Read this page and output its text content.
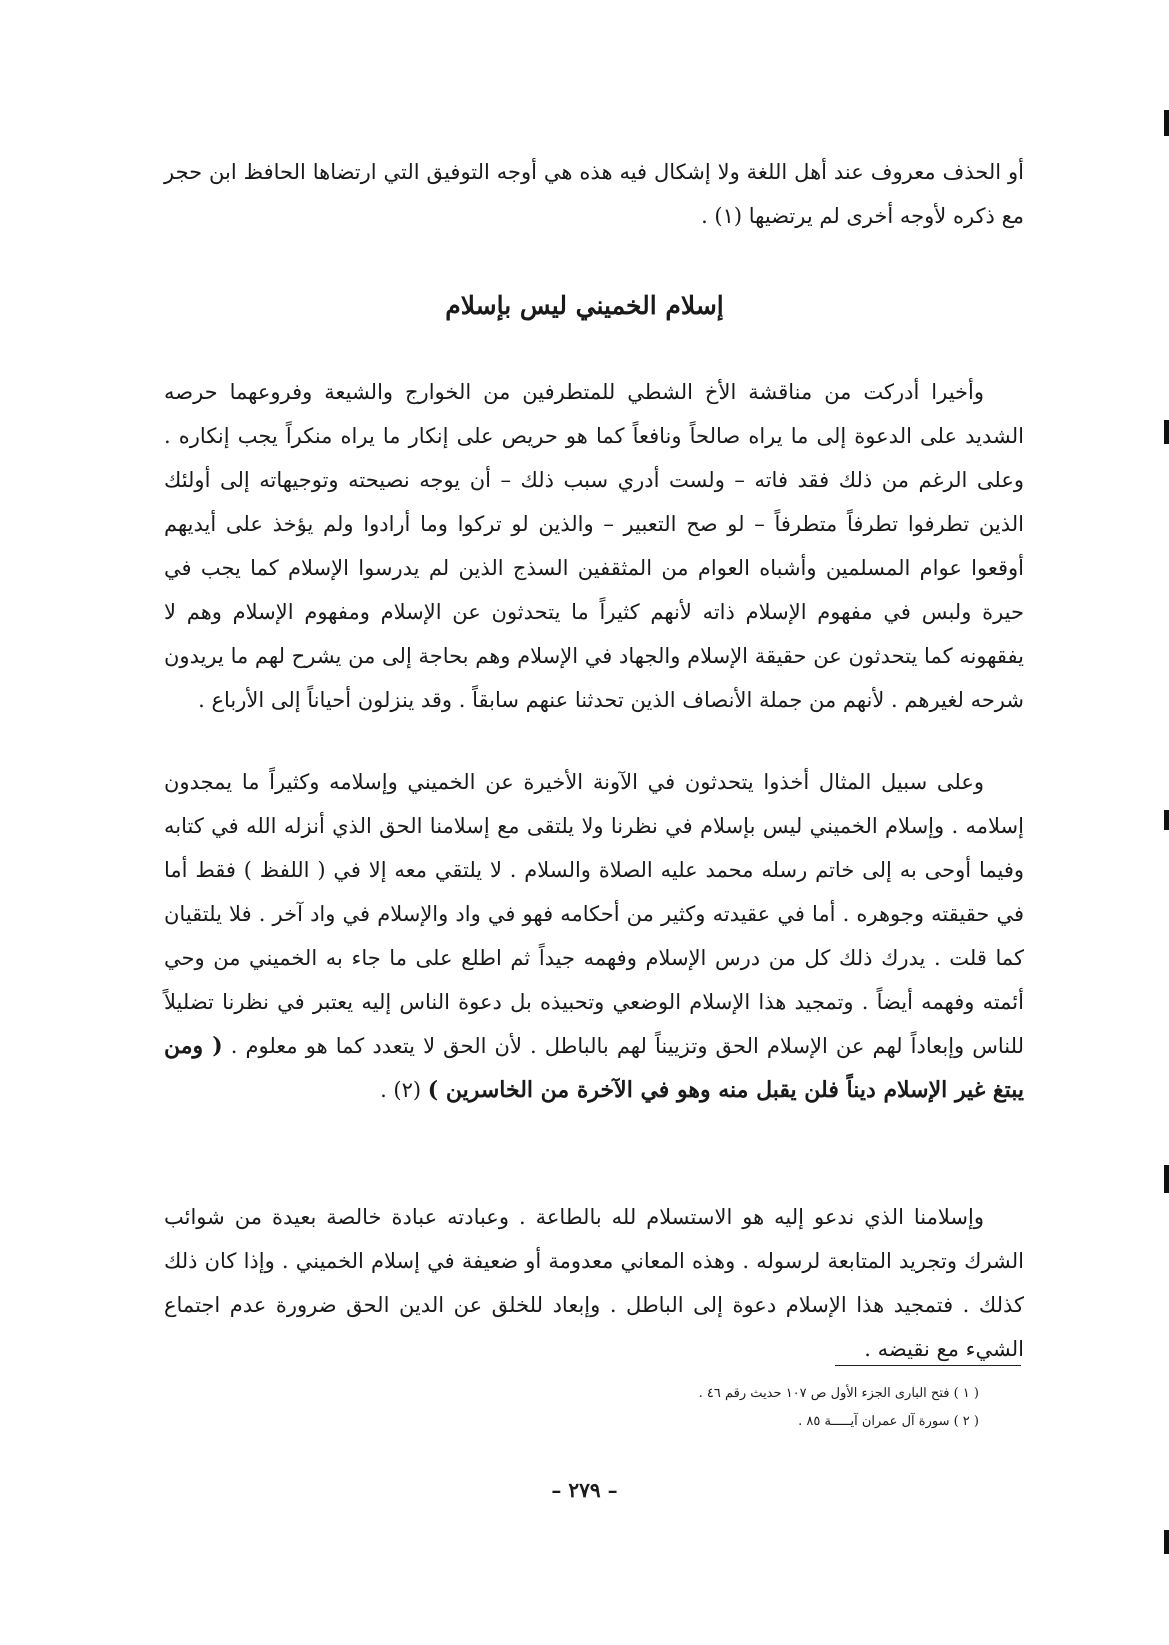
أو الحذف معروف عند أهل اللغة ولا إشكال فيه هذه هي أوجه التوفيق التي ارتضاها الحافظ ابن حجر مع ذكره لأوجه أخرى لم يرتضيها (١) .

إسلام الخميني ليس بإسلام

وأخيرا أدركت من مناقشة الأخ الشطي للمتطرفين من الخوارج والشيعة وفروعهما حرصه الشديد على الدعوة إلى ما يراه صالحاً ونافعاً كما هو حريص على إنكار ما يراه منكراً يجب إنكاره . وعلى الرغم من ذلك فقد فاته – ولست أدري سبب ذلك – أن يوجه نصيحته وتوجيهاته إلى أولئك الذين تطرفوا تطرفاً متطرفاً – لو صح التعبير – والذين لو تركوا وما أرادوا ولم يؤخذ على أيديهم أوقعوا عوام المسلمين وأشباه العوام من المثقفين السذج الذين لم يدرسوا الإسلام كما يجب في حيرة ولبس في مفهوم الإسلام ذاته لأنهم كثيراً ما يتحدثون عن الإسلام ومفهوم الإسلام وهم لا يفقهونه كما يتحدثون عن حقيقة الإسلام والجهاد في الإسلام وهم بحاجة إلى من يشرح لهم ما يريدون شرحه لغيرهم . لأنهم من جملة الأنصاف الذين تحدثنا عنهم سابقاً . وقد ينزلون أحياناً إلى الأرباع .

وعلى سبيل المثال أخذوا يتحدثون في الآونة الأخيرة عن الخميني وإسلامه وكثيراً ما يمجدون إسلامه . وإسلام الخميني ليس بإسلام في نظرنا ولا يلتقى مع إسلامنا الحق الذي أنزله الله في كتابه وفيما أوحى به إلى خاتم رسله محمد عليه الصلاة والسلام . لا يلتقي معه إلا في ( اللفظ ) فقط أما في حقيقته وجوهره . أما في عقيدته وكثير من أحكامه فهو في واد والإسلام في واد آخر . فلا يلتقيان كما قلت . يدرك ذلك كل من درس الإسلام وفهمه جيداً ثم اطلع على ما جاء به الخميني من وحي أئمته وفهمه أيضاً . وتمجيد هذا الإسلام الوضعي وتحبيذه بل دعوة الناس إليه يعتبر في نظرنا تضليلاً للناس وإبعاداً لهم عن الإسلام الحق وتزييناً لهم بالباطل . لأن الحق لا يتعدد كما هو معلوم . ( ومن يبتغ غير الإسلام ديناً فلن يقبل منه وهو في الآخرة من الخاسرين ) (٢) .

وإسلامنا الذي ندعو إليه هو الاستسلام لله بالطاعة . وعبادته عبادة خالصة بعيدة من شوائب الشرك وتجريد المتابعة لرسوله . وهذه المعاني معدومة أو ضعيفة في إسلام الخميني . وإذا كان ذلك كذلك . فتمجيد هذا الإسلام دعوة إلى الباطل . وإبعاد للخلق عن الدين الحق ضرورة عدم اجتماع الشيء مع نقيضه .

( ١ ) فتح البارى الجزء الأول ص ١٠٧ حديث رقم ٤٦ .

( ٢ ) سورة آل عمران آيـــــة ٨٥ .

– ٢٧٩ –
